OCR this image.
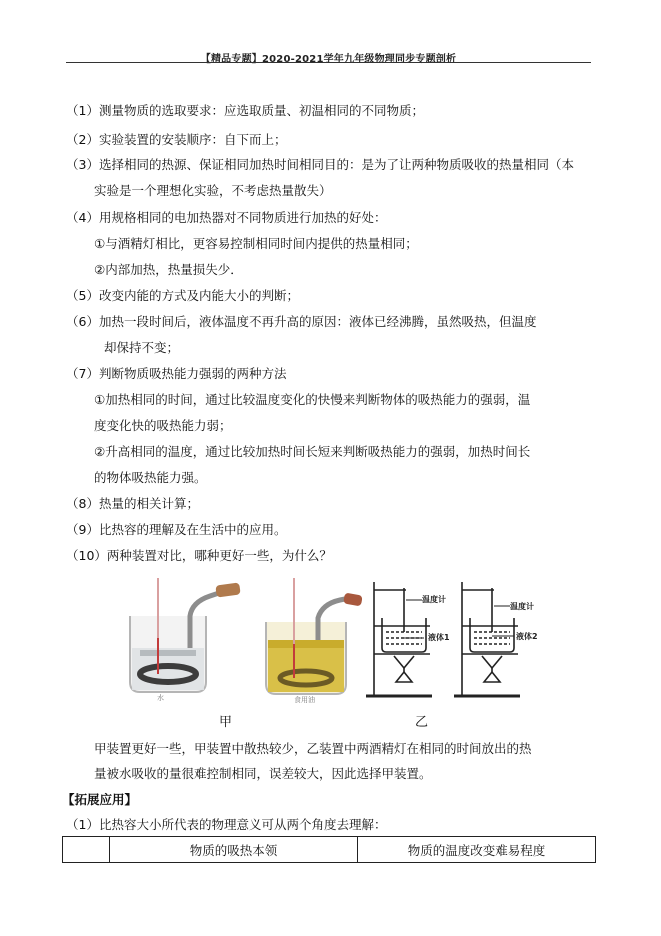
【精品专题】2020-2021学年九年级物理同步专题剖析
（1）测量物质的选取要求：应选取质量、初温相同的不同物质；
（2）实验装置的安装顺序：自下而上；
（3）选择相同的热源、保证相同加热时间相同目的：是为了让两种物质吸收的热量相同（本
实验是一个理想化实验，不考虑热量散失）
（4）用规格相同的电加热器对不同物质进行加热的好处：
①与酒精灯相比，更容易控制相同时间内提供的热量相同；
②内部加热，热量损失少．
（5）改变内能的方式及内能大小的判断；
（6）加热一段时间后，液体温度不再升高的原因：液体已经沸腾，虽然吸热，但温度
却保持不变；
（7）判断物质吸热能力强弱的两种方法
①加热相同的时间，通过比较温度变化的快慢来判断物体的吸热能力的强弱，温
度变化快的吸热能力弱；
②升高相同的温度，通过比较加热时间长短来判断吸热能力的强弱，加热时间长
的物体吸热能力强。
（8）热量的相关计算；
（9）比热容的理解及在生活中的应用。
（10）两种装置对比，哪种更好一些，为什么？
水	食用油
温度计
液体1
温度计
液体2
甲	乙
甲装置更好一些，甲装置中散热较少，乙装置中两酒精灯在相同的时间放出的热
量被水吸收的量很难控制相同，误差较大，因此选择甲装置。
【拓展应用】
（1）比热容大小所代表的物理意义可从两个角度去理解：
	物质的吸热本领	物质的温度改变难易程度
